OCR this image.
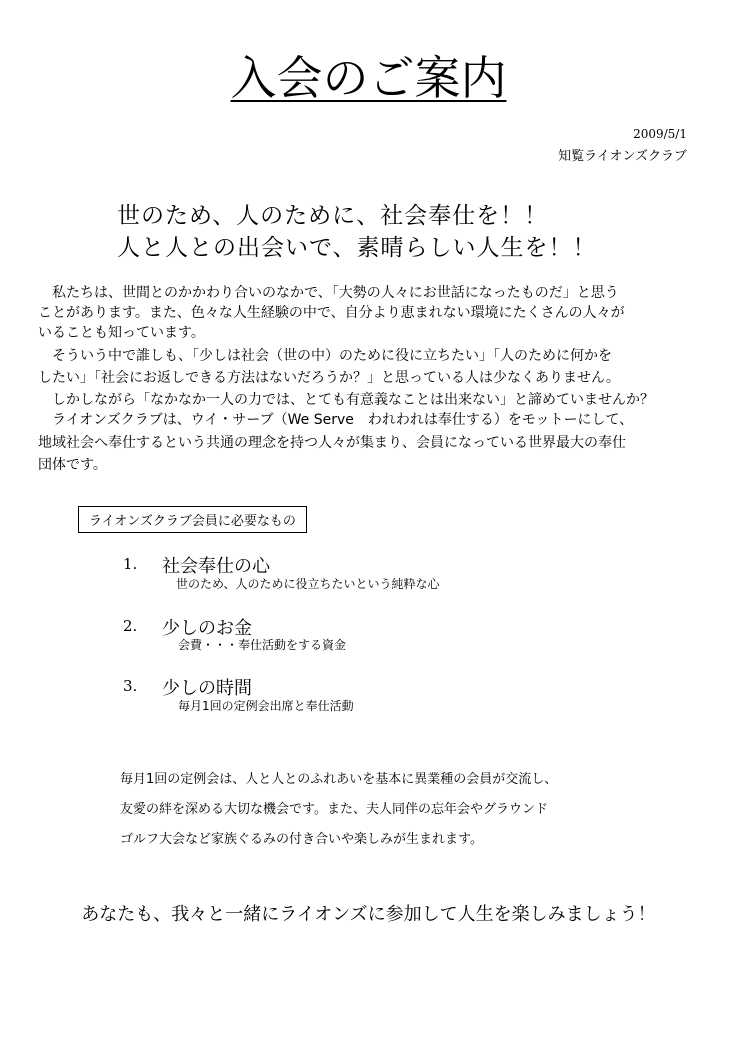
入会のご案内
2009/5/1
知覧ライオンズクラブ
世のため、人のために、社会奉仕を！！
人と人との出会いで、素晴らしい人生を！！
　私たちは、世間とのかかわり合いのなかで、「大勢の人々にお世話になったものだ」と思う
ことがあります。また、色々な人生経験の中で、自分より恵まれない環境にたくさんの人々が
いることも知っています。
　そういう中で誰しも、「少しは社会（世の中）のために役に立ちたい」「人のために何かを
したい」「社会にお返しできる方法はないだろうか？」と思っている人は少なくありません。
　しかしながら「なかなか一人の力では、とても有意義なことは出来ない」と諦めていませんか？
　ライオンズクラブは、ウイ・サーブ（We Serve　われわれは奉仕する）をモットーにして、
地域社会へ奉仕するという共通の理念を持つ人々が集まり、会員になっている世界最大の奉仕
団体です。
ライオンズクラブ会員に必要なもの
1. 社会奉仕の心
世のため、人のために役立ちたいという純粋な心
2. 少しのお金
会費・・・奉仕活動をする資金
3. 少しの時間
毎月1回の定例会出席と奉仕活動
毎月1回の定例会は、人と人とのふれあいを基本に異業種の会員が交流し、
友愛の絆を深める大切な機会です。また、夫人同伴の忘年会やグラウンド
ゴルフ大会など家族ぐるみの付き合いや楽しみが生まれます。
あなたも、我々と一緒にライオンズに参加して人生を楽しみましょう！
